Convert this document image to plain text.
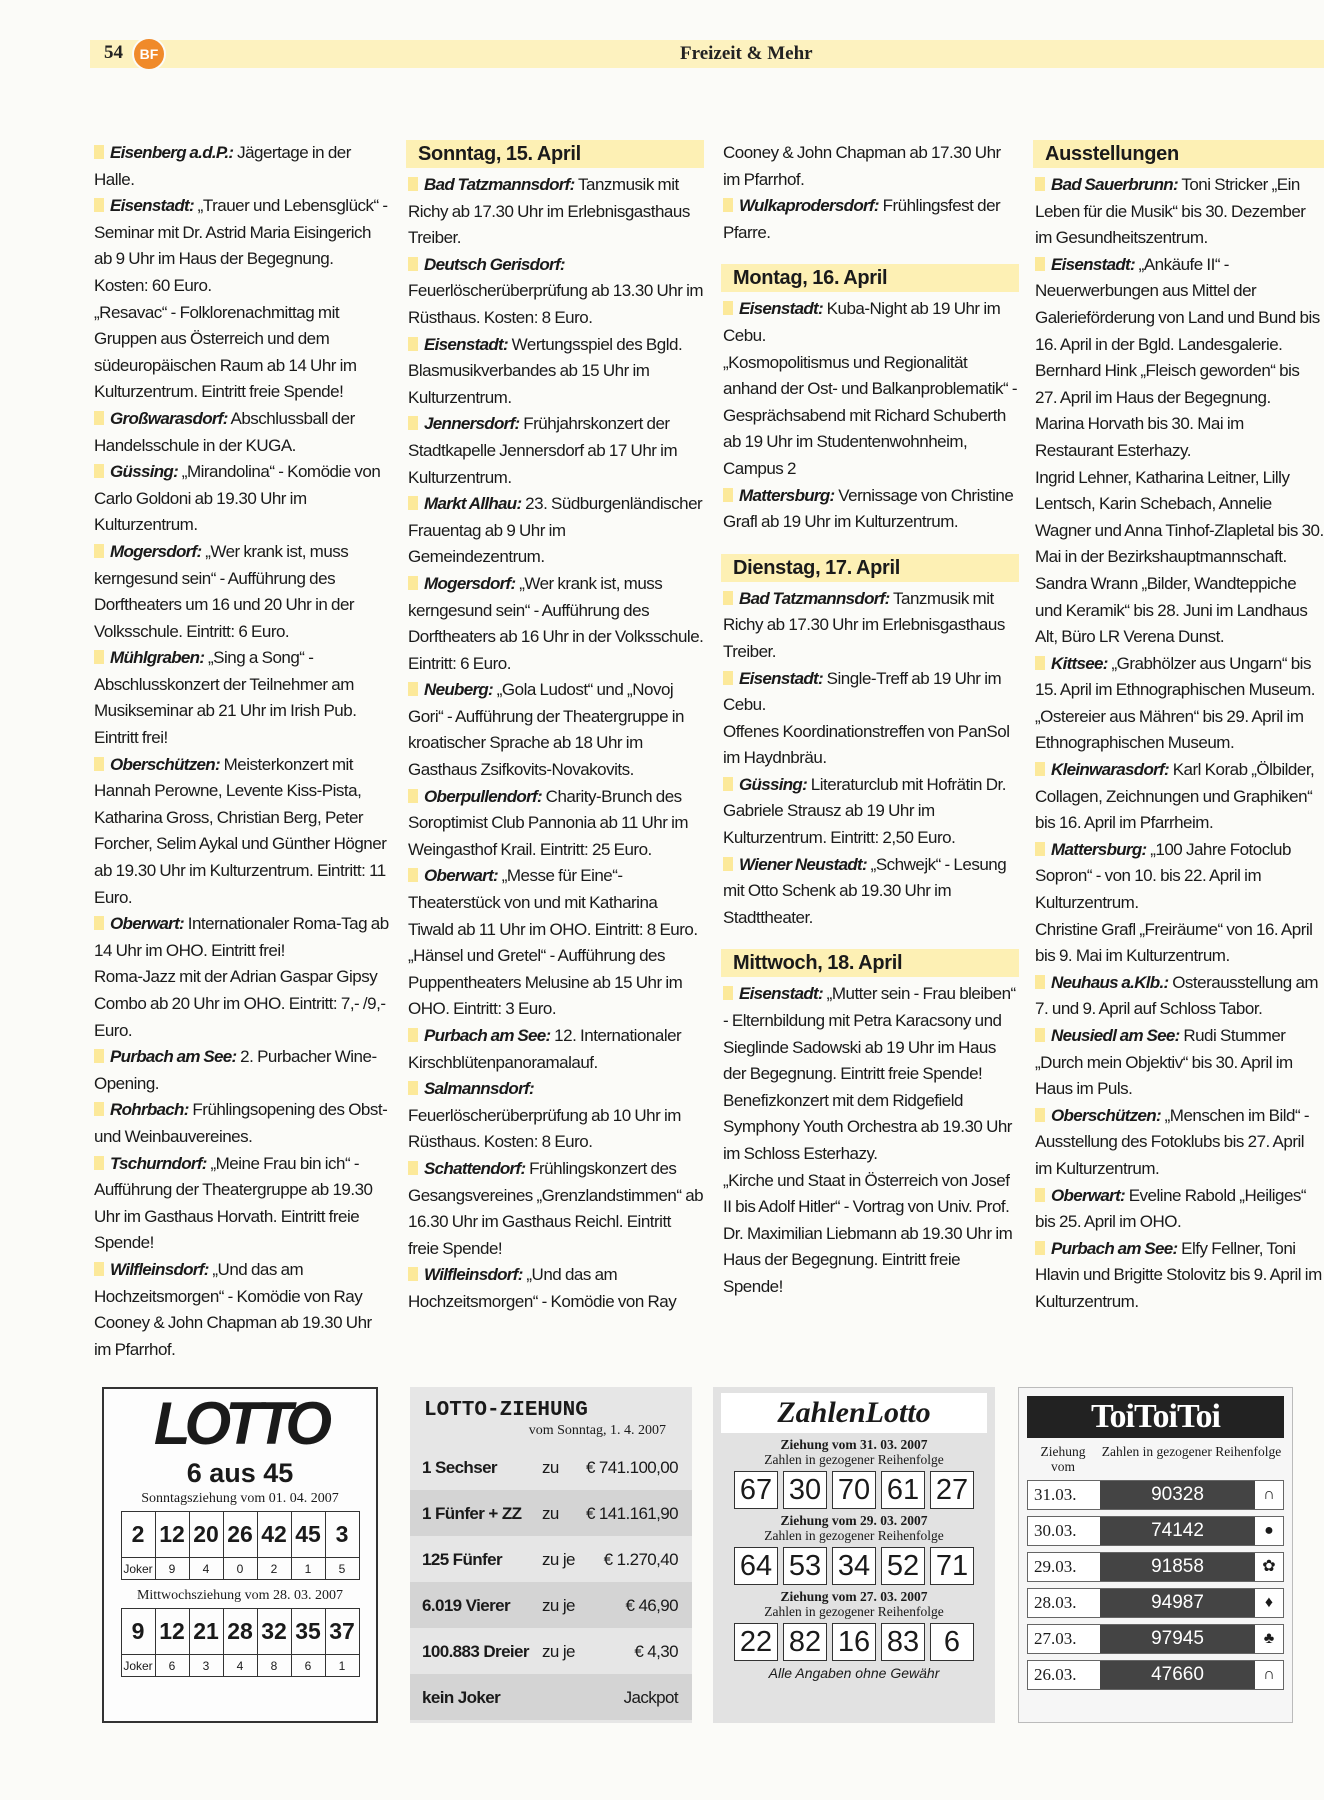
54	BF	Freizeit & Mehr

Eisenberg a.d.P.: Jägertage in der Halle.

Eisenstadt: „Trauer und Lebensglück“ - Seminar mit Dr. Astrid Maria Eisingerich ab 9 Uhr im Haus der Begegnung. Kosten: 60 Euro.

„Resavac“ - Folklorenachmittag mit Gruppen aus Österreich und dem südeuropäischen Raum ab 14 Uhr im Kulturzentrum. Eintritt freie Spende!

Großwarasdorf: Abschlussball der Handelsschule in der KUGA.

Güssing: „Mirandolina“ - Komödie von Carlo Goldoni ab 19.30 Uhr im Kulturzentrum.

Mogersdorf: „Wer krank ist, muss kerngesund sein“ - Aufführung des Dorftheaters um 16 und 20 Uhr in der Volksschule. Eintritt: 6 Euro.

Mühlgraben: „Sing a Song“ - Abschlusskonzert der Teilnehmer am Musikseminar ab 21 Uhr im Irish Pub. Eintritt frei!

Oberschützen: Meisterkonzert mit Hannah Perowne, Levente Kiss-Pista, Katharina Gross, Christian Berg, Peter Forcher, Selim Aykal und Günther Högner ab 19.30 Uhr im Kulturzentrum. Eintritt: 11 Euro.

Oberwart: Internationaler Roma-Tag ab 14 Uhr im OHO. Eintritt frei!

Roma-Jazz mit der Adrian Gaspar Gipsy Combo ab 20 Uhr im OHO. Eintritt: 7,- /9,- Euro.

Purbach am See: 2. Purbacher Wine-Opening.

Rohrbach: Frühlingsopening des Obst- und Weinbauvereines.

Tschurndorf: „Meine Frau bin ich“ - Aufführung der Theatergruppe ab 19.30 Uhr im Gasthaus Horvath. Eintritt freie Spende!

Wilfleinsdorf: „Und das am Hochzeitsmorgen“ - Komödie von Ray Cooney & John Chapman ab 19.30 Uhr im Pfarrhof.

Sonntag, 15. April

Bad Tatzmannsdorf: Tanzmusik mit Richy ab 17.30 Uhr im Erlebnisgasthaus Treiber.

Deutsch Gerisdorf: Feuerlöscherüberprüfung ab 13.30 Uhr im Rüsthaus. Kosten: 8 Euro.

Eisenstadt: Wertungsspiel des Bgld. Blasmusikverbandes ab 15 Uhr im Kulturzentrum.

Jennersdorf: Frühjahrskonzert der Stadtkapelle Jennersdorf ab 17 Uhr im Kulturzentrum.

Markt Allhau: 23. Südburgenländischer Frauentag ab 9 Uhr im Gemeindezentrum.

Mogersdorf: „Wer krank ist, muss kerngesund sein“ - Aufführung des Dorftheaters ab 16 Uhr in der Volksschule. Eintritt: 6 Euro.

Neuberg: „Gola Ludost“ und „Novoj Gori“ - Aufführung der Theatergruppe in kroatischer Sprache ab 18 Uhr im Gasthaus Zsifkovits-Novakovits.

Oberpullendorf: Charity-Brunch des Soroptimist Club Pannonia ab 11 Uhr im Weingasthof Krail. Eintritt: 25 Euro.

Oberwart: „Messe für Eine“- Theaterstück von und mit Katharina Tiwald ab 11 Uhr im OHO. Eintritt: 8 Euro.

„Hänsel und Gretel“ - Aufführung des Puppentheaters Melusine ab 15 Uhr im OHO. Eintritt: 3 Euro.

Purbach am See: 12. Internationaler Kirschblütenpanoramalauf.

Salmannsdorf: Feuerlöscherüberprüfung ab 10 Uhr im Rüsthaus. Kosten: 8 Euro.

Schattendorf: Frühlingskonzert des Gesangsvereines „Grenzlandstimmen“ ab 16.30 Uhr im Gasthaus Reichl. Eintritt freie Spende!

Wilfleinsdorf: „Und das am Hochzeitsmorgen“ - Komödie von Ray

Cooney & John Chapman ab 17.30 Uhr im Pfarrhof.

Wulkaprodersdorf: Frühlingsfest der Pfarre.

Montag, 16. April

Eisenstadt: Kuba-Night ab 19 Uhr im Cebu.

„Kosmopolitismus und Regionalität anhand der Ost- und Balkanproblematik“ - Gesprächsabend mit Richard Schuberth ab 19 Uhr im Studentenwohnheim, Campus 2

Mattersburg: Vernissage von Christine Grafl ab 19 Uhr im Kulturzentrum.

Dienstag, 17. April

Bad Tatzmannsdorf: Tanzmusik mit Richy ab 17.30 Uhr im Erlebnisgasthaus Treiber.

Eisenstadt: Single-Treff ab 19 Uhr im Cebu.

Offenes Koordinationstreffen von PanSol im Haydnbräu.

Güssing: Literaturclub mit Hofrätin Dr. Gabriele Strausz ab 19 Uhr im Kulturzentrum. Eintritt: 2,50 Euro.

Wiener Neustadt: „Schwejk“ - Lesung mit Otto Schenk ab 19.30 Uhr im Stadttheater.

Mittwoch, 18. April

Eisenstadt: „Mutter sein - Frau bleiben“ - Elternbildung mit Petra Karacsony und Sieglinde Sadowski ab 19 Uhr im Haus der Begegnung. Eintritt freie Spende!

Benefizkonzert mit dem Ridgefield Symphony Youth Orchestra ab 19.30 Uhr im Schloss Esterhazy.

„Kirche und Staat in Österreich von Josef II bis Adolf Hitler“ - Vortrag von Univ. Prof. Dr. Maximilian Liebmann ab 19.30 Uhr im Haus der Begegnung. Eintritt freie Spende!

Ausstellungen

Bad Sauerbrunn: Toni Stricker „Ein Leben für die Musik“ bis 30. Dezember im Gesundheitszentrum.

Eisenstadt: „Ankäufe II“ - Neuerwerbungen aus Mittel der Galerieförderung von Land und Bund bis 16. April in der Bgld. Landesgalerie.

Bernhard Hink „Fleisch geworden“ bis 27. April im Haus der Begegnung.

Marina Horvath bis 30. Mai im Restaurant Esterhazy.

Ingrid Lehner, Katharina Leitner, Lilly Lentsch, Karin Schebach, Annelie Wagner und Anna Tinhof-Zlapletal bis 30. Mai in der Bezirkshauptmannschaft.

Sandra Wrann „Bilder, Wandteppiche und Keramik“ bis 28. Juni im Landhaus Alt, Büro LR Verena Dunst.

Kittsee: „Grabhölzer aus Ungarn“ bis 15. April im Ethnographischen Museum.

„Ostereier aus Mähren“ bis 29. April im Ethnographischen Museum.

Kleinwarasdorf: Karl Korab „Ölbilder, Collagen, Zeichnungen und Graphiken“ bis 16. April im Pfarrheim.

Mattersburg: „100 Jahre Fotoclub Sopron“ - von 10. bis 22. April im Kulturzentrum.

Christine Grafl „Freiräume“ von 16. April bis 9. Mai im Kulturzentrum.

Neuhaus a.Klb.: Osterausstellung am 7. und 9. April auf Schloss Tabor.

Neusiedl am See: Rudi Stummer „Durch mein Objektiv“ bis 30. April im Haus im Puls.

Oberschützen: „Menschen im Bild“ - Ausstellung des Fotoklubs bis 27. April im Kulturzentrum.

Oberwart: Eveline Rabold „Heiliges“ bis 25. April im OHO.

Purbach am See: Elfy Fellner, Toni Hlavin und Brigitte Stolovitz bis 9. April im Kulturzentrum.

LOTTO
6 aus 45
Sonntagsziehung vom 01. 04. 2007
2	12	20	26	42	45	3
Joker	9	4	0	2	1	5
Mittwochsziehung vom 28. 03. 2007
9	12	21	28	32	35	37
Joker	6	3	4	8	6	1
LOTTO-ZIEHUNG
vom Sonntag, 1. 4. 2007
1 Sechser	zu € 741.100,00
1 Fünfer + ZZ zu € 141.161,90
125 Fünfer zu je € 1.270,40
6.019 Vierer zu je	€ 46,90
100.883 Dreier zu je	€ 4,30
kein Joker	Jackpot
ZahlenLotto
Ziehung vom 31. 03. 2007
Zahlen in gezogener Reihenfolge
67 30 70 61 27
Ziehung vom 29. 03. 2007
Zahlen in gezogener Reihenfolge
64 53 34 52 71
Ziehung vom 27. 03. 2007
Zahlen in gezogener Reihenfolge
22 82 16 83 6
Alle Angaben ohne Gewähr
ToiToiToi
Ziehung vom
Zahlen in gezogener Reihenfolge
31.03.	90328	∩
30.03.	74142	●
29.03.	91858	✿
28.03.	94987	♦
27.03.	97945	♣
26.03.	47660	∩
